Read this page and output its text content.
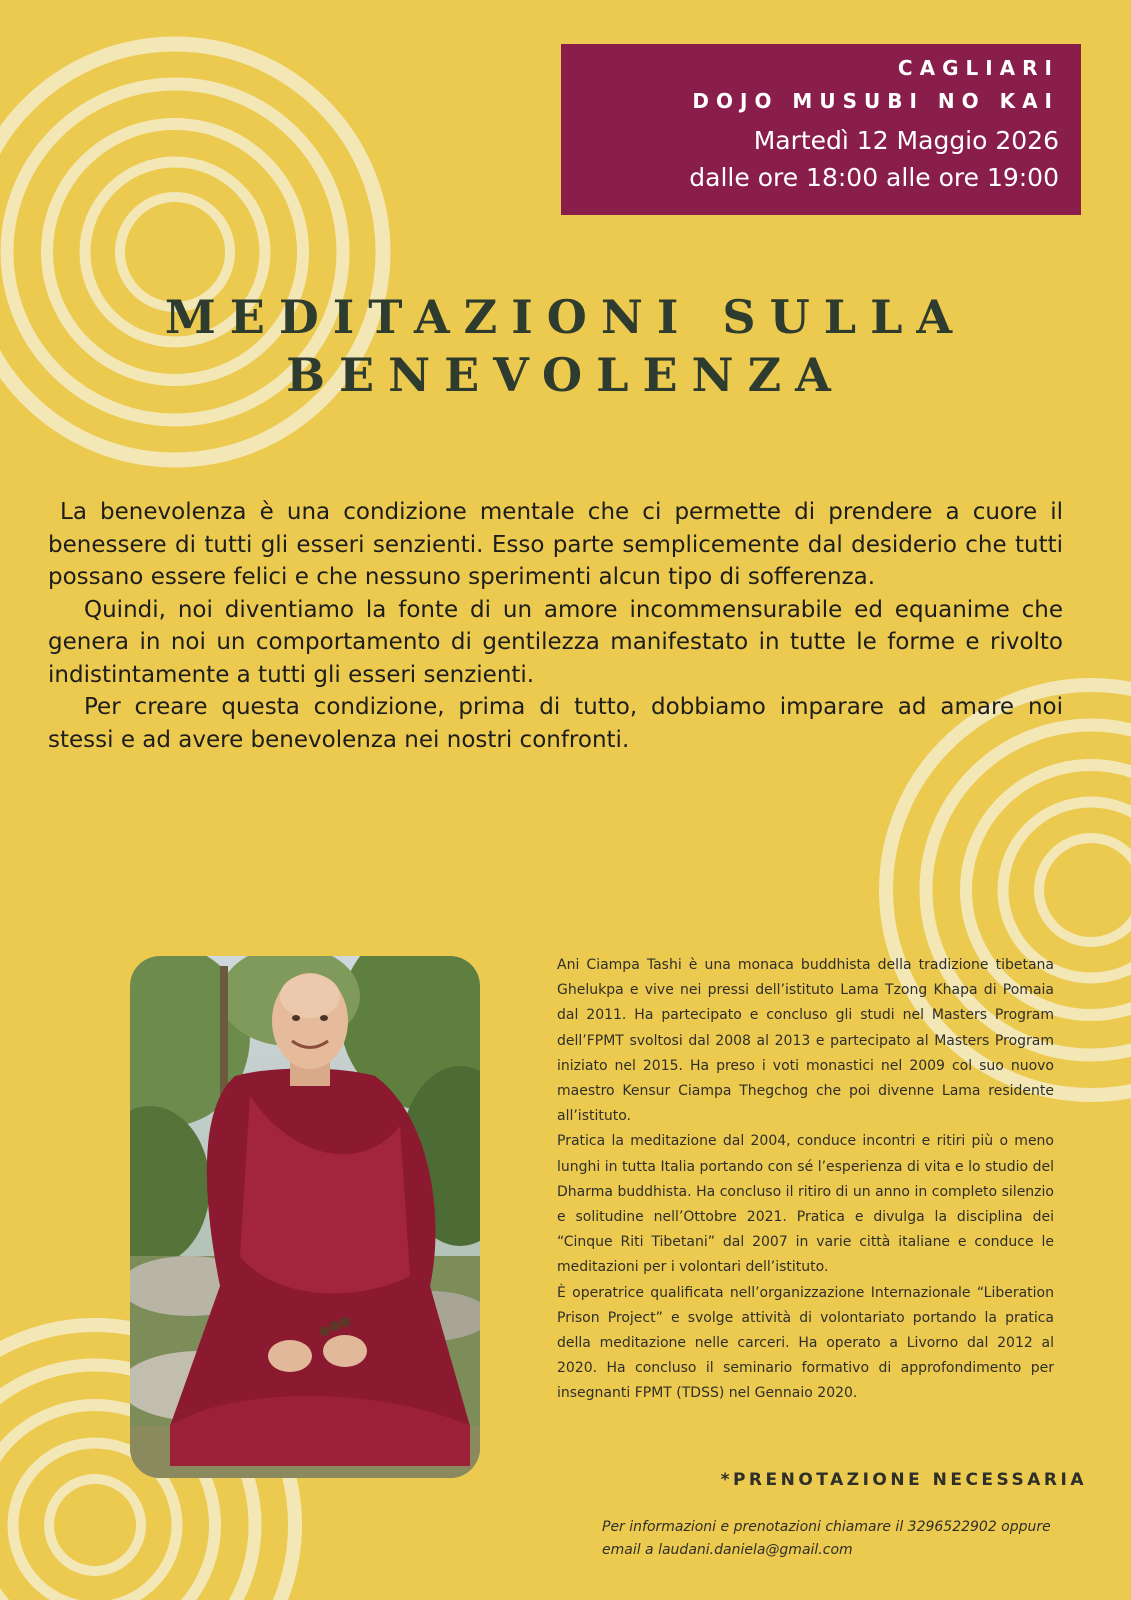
CAGLIARI
DOJO MUSUBI NO KAI
Martedì 12 Maggio 2026
dalle ore 18:00 alle ore 19:00
MEDITAZIONI SULLA
BENEVOLENZA

La benevolenza è una condizione mentale che ci permette di prendere a cuore il benessere di tutti gli esseri senzienti. Esso parte semplicemente dal desiderio che tutti possano essere felici e che nessuno sperimenti alcun tipo di sofferenza.

Quindi, noi diventiamo la fonte di un amore incommensurabile ed equanime che genera in noi un comportamento di gentilezza manifestato in tutte le forme e rivolto indistintamente a tutti gli esseri senzienti.

Per creare questa condizione, prima di tutto, dobbiamo imparare ad amare noi stessi e ad avere benevolenza nei nostri confronti.

Ani Ciampa Tashi è una monaca buddhista della tradizione tibetana Ghelukpa e vive nei pressi dell’istituto Lama Tzong Khapa di Pomaia dal 2011. Ha partecipato e concluso gli studi nel Masters Program dell’FPMT svoltosi dal 2008 al 2013 e partecipato al Masters Program iniziato nel 2015. Ha preso i voti monastici nel 2009 col suo nuovo maestro Kensur Ciampa Thegchog che poi divenne Lama residente all’istituto.

Pratica la meditazione dal 2004, conduce incontri e ritiri più o meno lunghi in tutta Italia portando con sé l’esperienza di vita e lo studio del Dharma buddhista. Ha concluso il ritiro di un anno in completo silenzio e solitudine nell’Ottobre 2021. Pratica e divulga la disciplina dei “Cinque Riti Tibetani” dal 2007 in varie città italiane e conduce le meditazioni per i volontari dell’istituto.

È operatrice qualificata nell’organizzazione Internazionale “Liberation Prison Project” e svolge attività di volontariato portando la pratica della meditazione nelle carceri. Ha operato a Livorno dal 2012 al 2020. Ha concluso il seminario formativo di approfondimento per insegnanti FPMT (TDSS) nel Gennaio 2020.

*PRENOTAZIONE NECESSARIA

Per informazioni e prenotazioni chiamare il 3296522902 oppure

email a laudani.daniela@gmail.com
